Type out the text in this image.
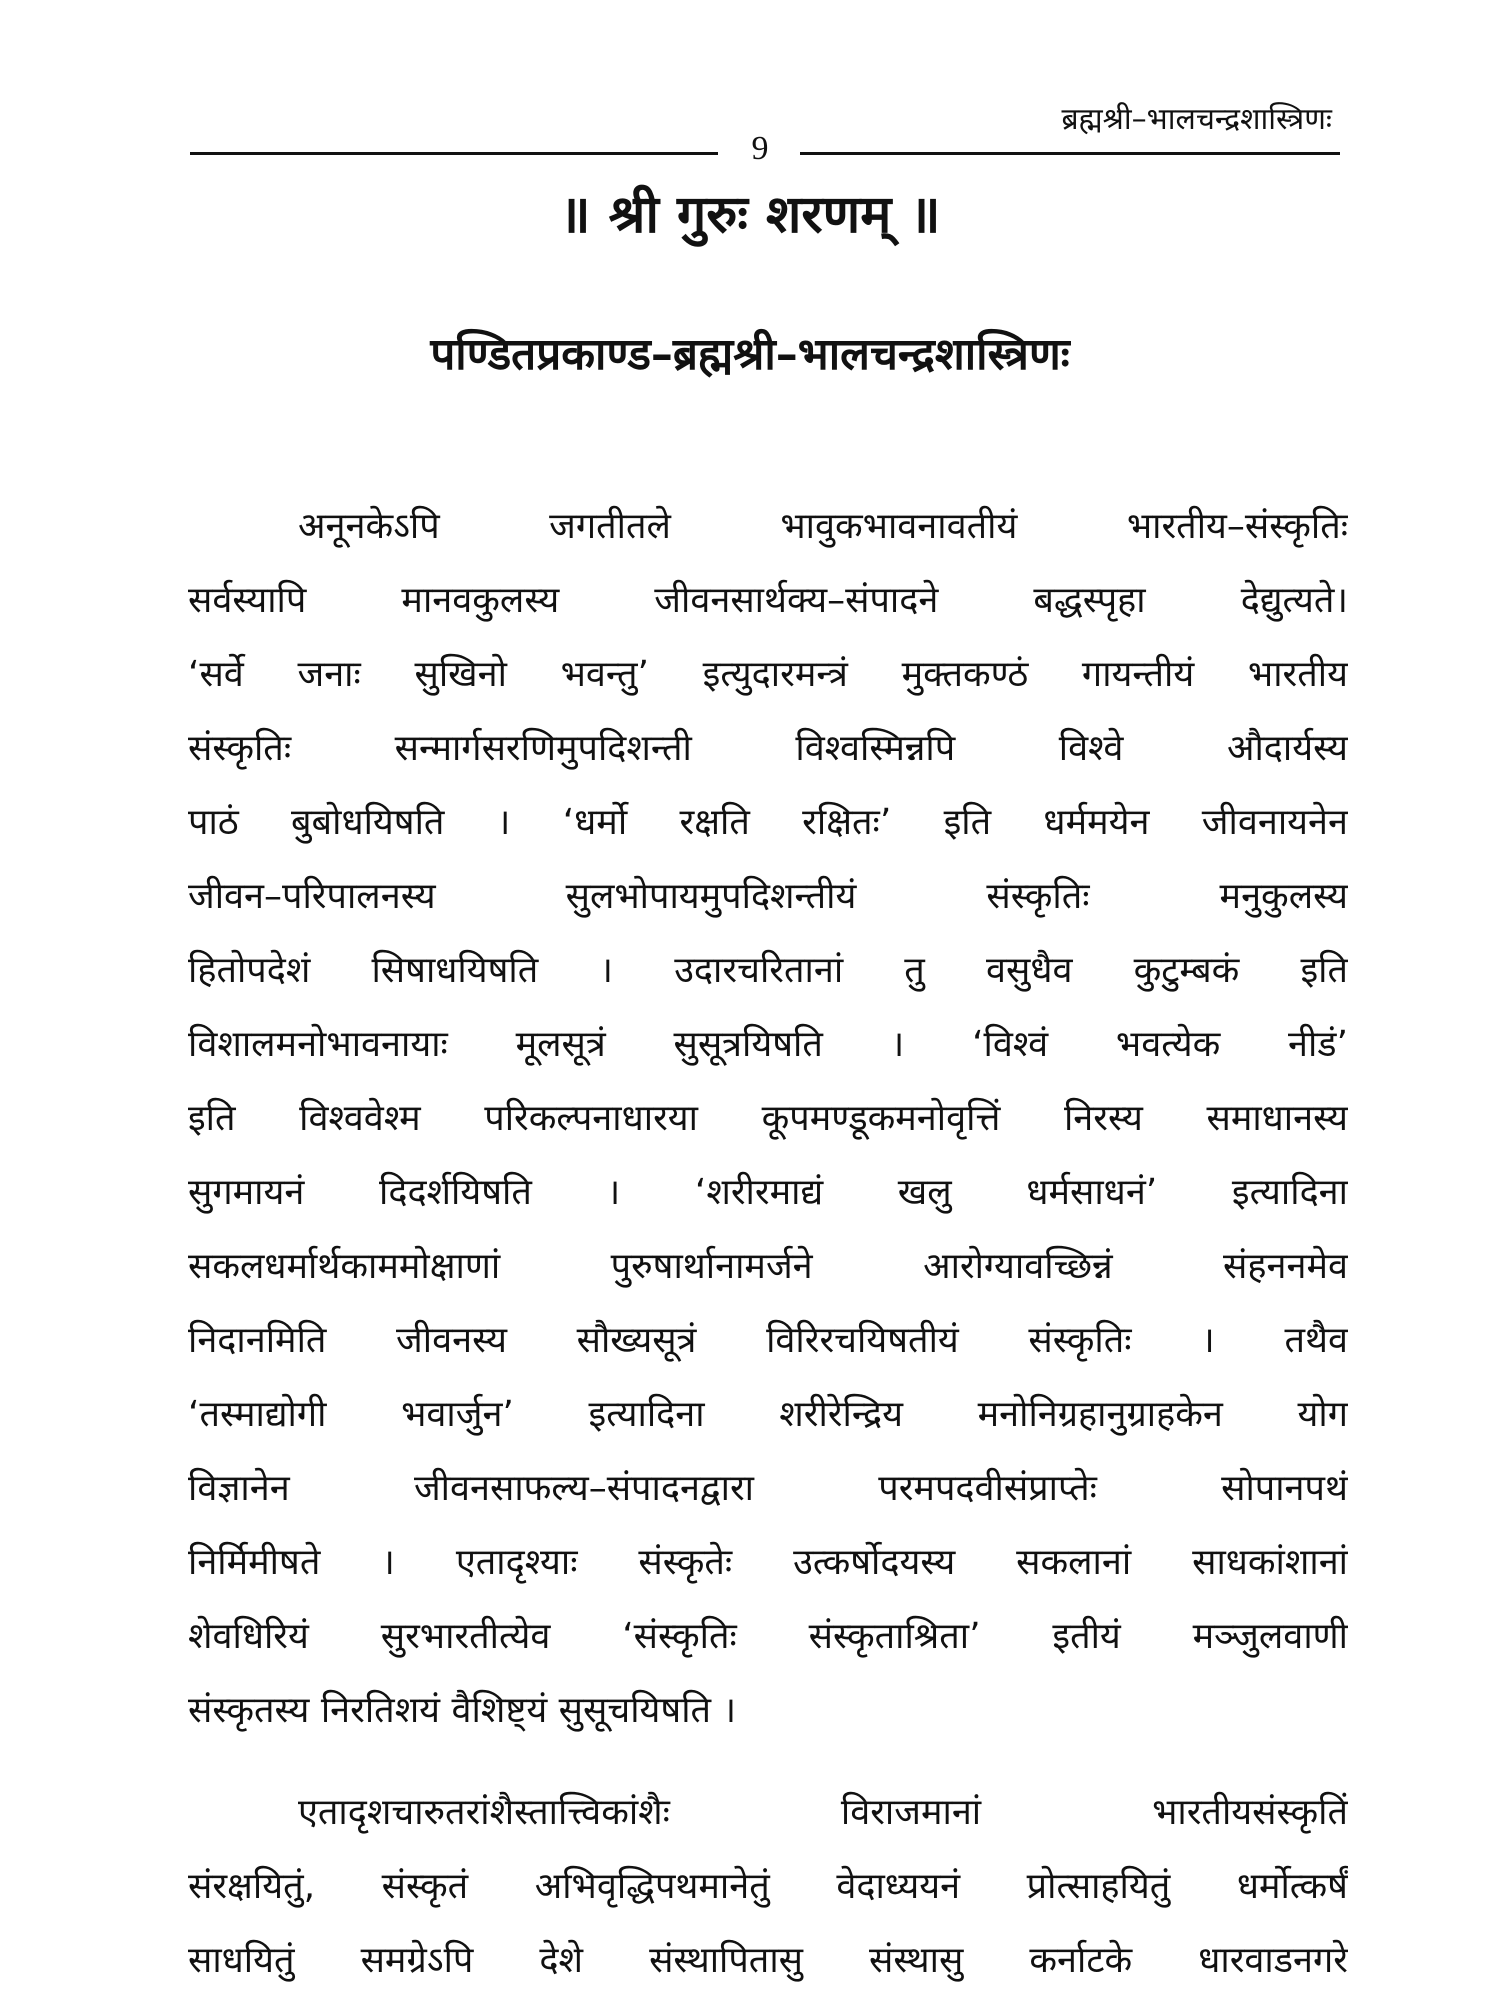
ब्रह्मश्री–भालचन्द्रशास्त्रिणः
9
॥ श्री गुरुः शरणम् ॥
पण्डितप्रकाण्ड–ब्रह्मश्री–भालचन्द्रशास्त्रिणः
अनूनकेऽपि जगतीतले भावुकभावनावतीयं भारतीय–संस्कृतिः
सर्वस्यापि मानवकुलस्य जीवनसार्थक्य–संपादने बद्धस्पृहा देद्युत्यते।
‘सर्वे जनाः सुखिनो भवन्तु’ इत्युदारमन्त्रं मुक्तकण्ठं गायन्तीयं भारतीय
संस्कृतिः सन्मार्गसरणिमुपदिशन्ती विश्वस्मिन्नपि विश्वे औदार्यस्य
पाठं बुबोधयिषति । ‘धर्मो रक्षति रक्षितः’ इति धर्ममयेन जीवनायनेन
जीवन–परिपालनस्य सुलभोपायमुपदिशन्तीयं संस्कृतिः मनुकुलस्य
हितोपदेशं सिषाधयिषति । उदारचरितानां तु वसुधैव कुटुम्बकं इति
विशालमनोभावनायाः मूलसूत्रं सुसूत्रयिषति । ‘विश्वं भवत्येक नीडं’
इति विश्ववेश्म परिकल्पनाधारया कूपमण्डूकमनोवृत्तिं निरस्य समाधानस्य
सुगमायनं दिदर्शयिषति । ‘शरीरमाद्यं खलु धर्मसाधनं’ इत्यादिना
सकलधर्मार्थकाममोक्षाणां पुरुषार्थानामर्जने आरोग्यावच्छिन्नं संहननमेव
निदानमिति जीवनस्य सौख्यसूत्रं विरिरचयिषतीयं संस्कृतिः । तथैव
‘तस्माद्योगी भवार्जुन’ इत्यादिना शरीरेन्द्रिय मनोनिग्रहानुग्राहकेन योग
विज्ञानेन जीवनसाफल्य–संपादनद्वारा परमपदवीसंप्राप्तेः सोपानपथं
निर्मिमीषते । एतादृश्याः संस्कृतेः उत्कर्षोदयस्य सकलानां साधकांशानां
शेवधिरियं सुरभारतीत्येव ‘संस्कृतिः संस्कृताश्रिता’ इतीयं मञ्जुलवाणी
संस्कृतस्य निरतिशयं वैशिष्ट्यं सुसूचयिषति ।
एतादृशचारुतरांशैस्तात्त्विकांशैः विराजमानां भारतीयसंस्कृतिं
संरक्षयितुं, संस्कृतं अभिवृद्धिपथमानेतुं वेदाध्ययनं प्रोत्साहयितुं धर्मोत्कर्षं
साधयितुं समग्रेऽपि देशे संस्थापितासु संस्थासु कर्नाटके धारवाडनगरे
